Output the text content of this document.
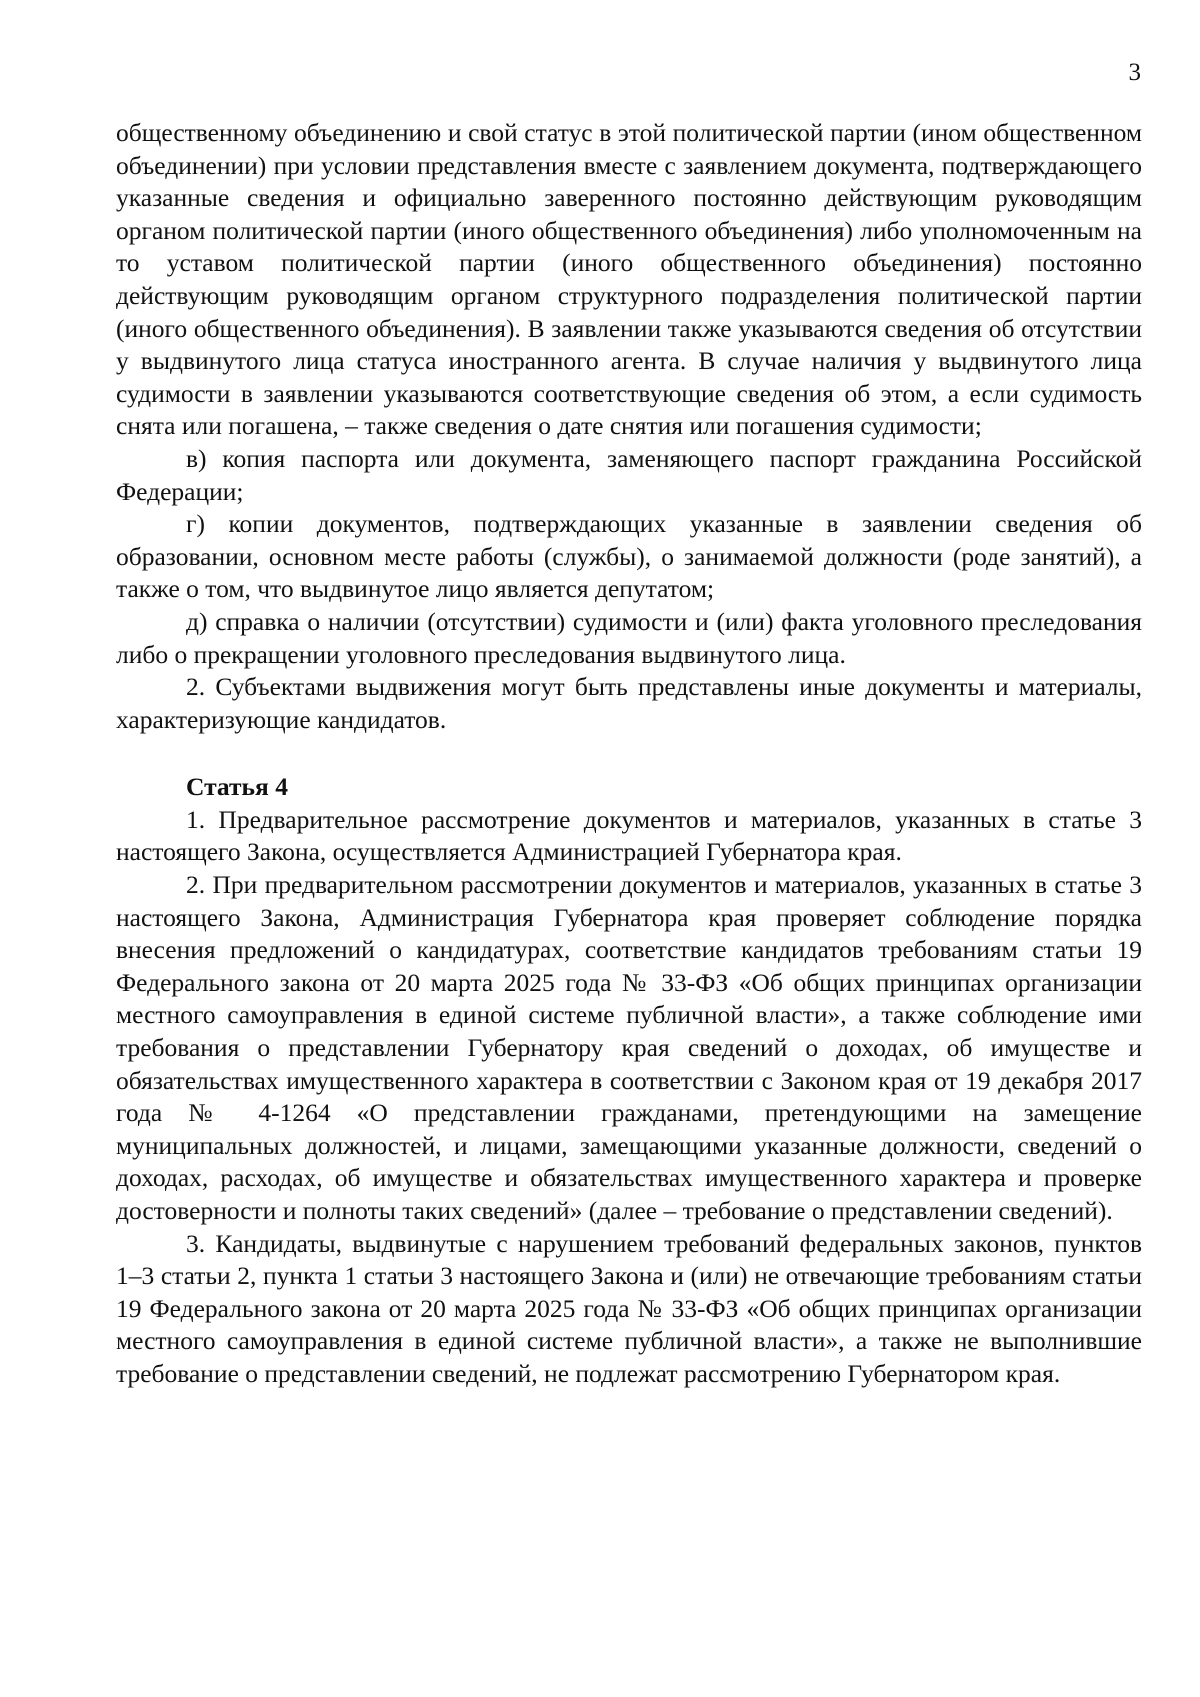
3

общественному объединению и свой статус в этой политической партии (ином общественном объединении) при условии представления вместе с заявлением документа, подтверждающего указанные сведения и официально заверенного постоянно действующим руководящим органом политической партии (иного общественного объединения) либо уполномоченным на то уставом политической партии (иного общественного объединения) постоянно действующим руководящим органом структурного подразделения политической партии (иного общественного объединения). В заявлении также указываются сведения об отсутствии у выдвинутого лица статуса иностранного агента. В случае наличия у выдвинутого лица судимости в заявлении указываются соответствующие сведения об этом, а если судимость снята или погашена, – также сведения о дате снятия или погашения судимости;

в) копия паспорта или документа, заменяющего паспорт гражданина Российской Федерации;

г) копии документов, подтверждающих указанные в заявлении сведения об образовании, основном месте работы (службы), о занимаемой должности (роде занятий), а также о том, что выдвинутое лицо является депутатом;

д) справка о наличии (отсутствии) судимости и (или) факта уголовного преследования либо о прекращении уголовного преследования выдвинутого лица.

2. Субъектами выдвижения могут быть представлены иные документы и материалы, характеризующие кандидатов.

Статья 4

1. Предварительное рассмотрение документов и материалов, указанных в статье 3 настоящего Закона, осуществляется Администрацией Губернатора края.

2. При предварительном рассмотрении документов и материалов, указанных в статье 3 настоящего Закона, Администрация Губернатора края проверяет соблюдение порядка внесения предложений о кандидатурах, соответствие кандидатов требованиям статьи 19 Федерального закона от 20 марта 2025 года № 33-ФЗ «Об общих принципах организации местного самоуправления в единой системе публичной власти», а также соблюдение ими требования о представлении Губернатору края сведений о доходах, об имуществе и обязательствах имущественного характера в соответствии с Законом края от 19 декабря 2017 года № 4-1264 «О представлении гражданами, претендующими на замещение муниципальных должностей, и лицами, замещающими указанные должности, сведений о доходах, расходах, об имуществе и обязательствах имущественного характера и проверке достоверности и полноты таких сведений» (далее – требование о представлении сведений).

3. Кандидаты, выдвинутые с нарушением требований федеральных законов, пунктов 1–3 статьи 2, пункта 1 статьи 3 настоящего Закона и (или) не отвечающие требованиям статьи 19 Федерального закона от 20 марта 2025 года № 33-ФЗ «Об общих принципах организации местного самоуправления в единой системе публичной власти», а также не выполнившие требование о представлении сведений, не подлежат рассмотрению Губернатором края.
